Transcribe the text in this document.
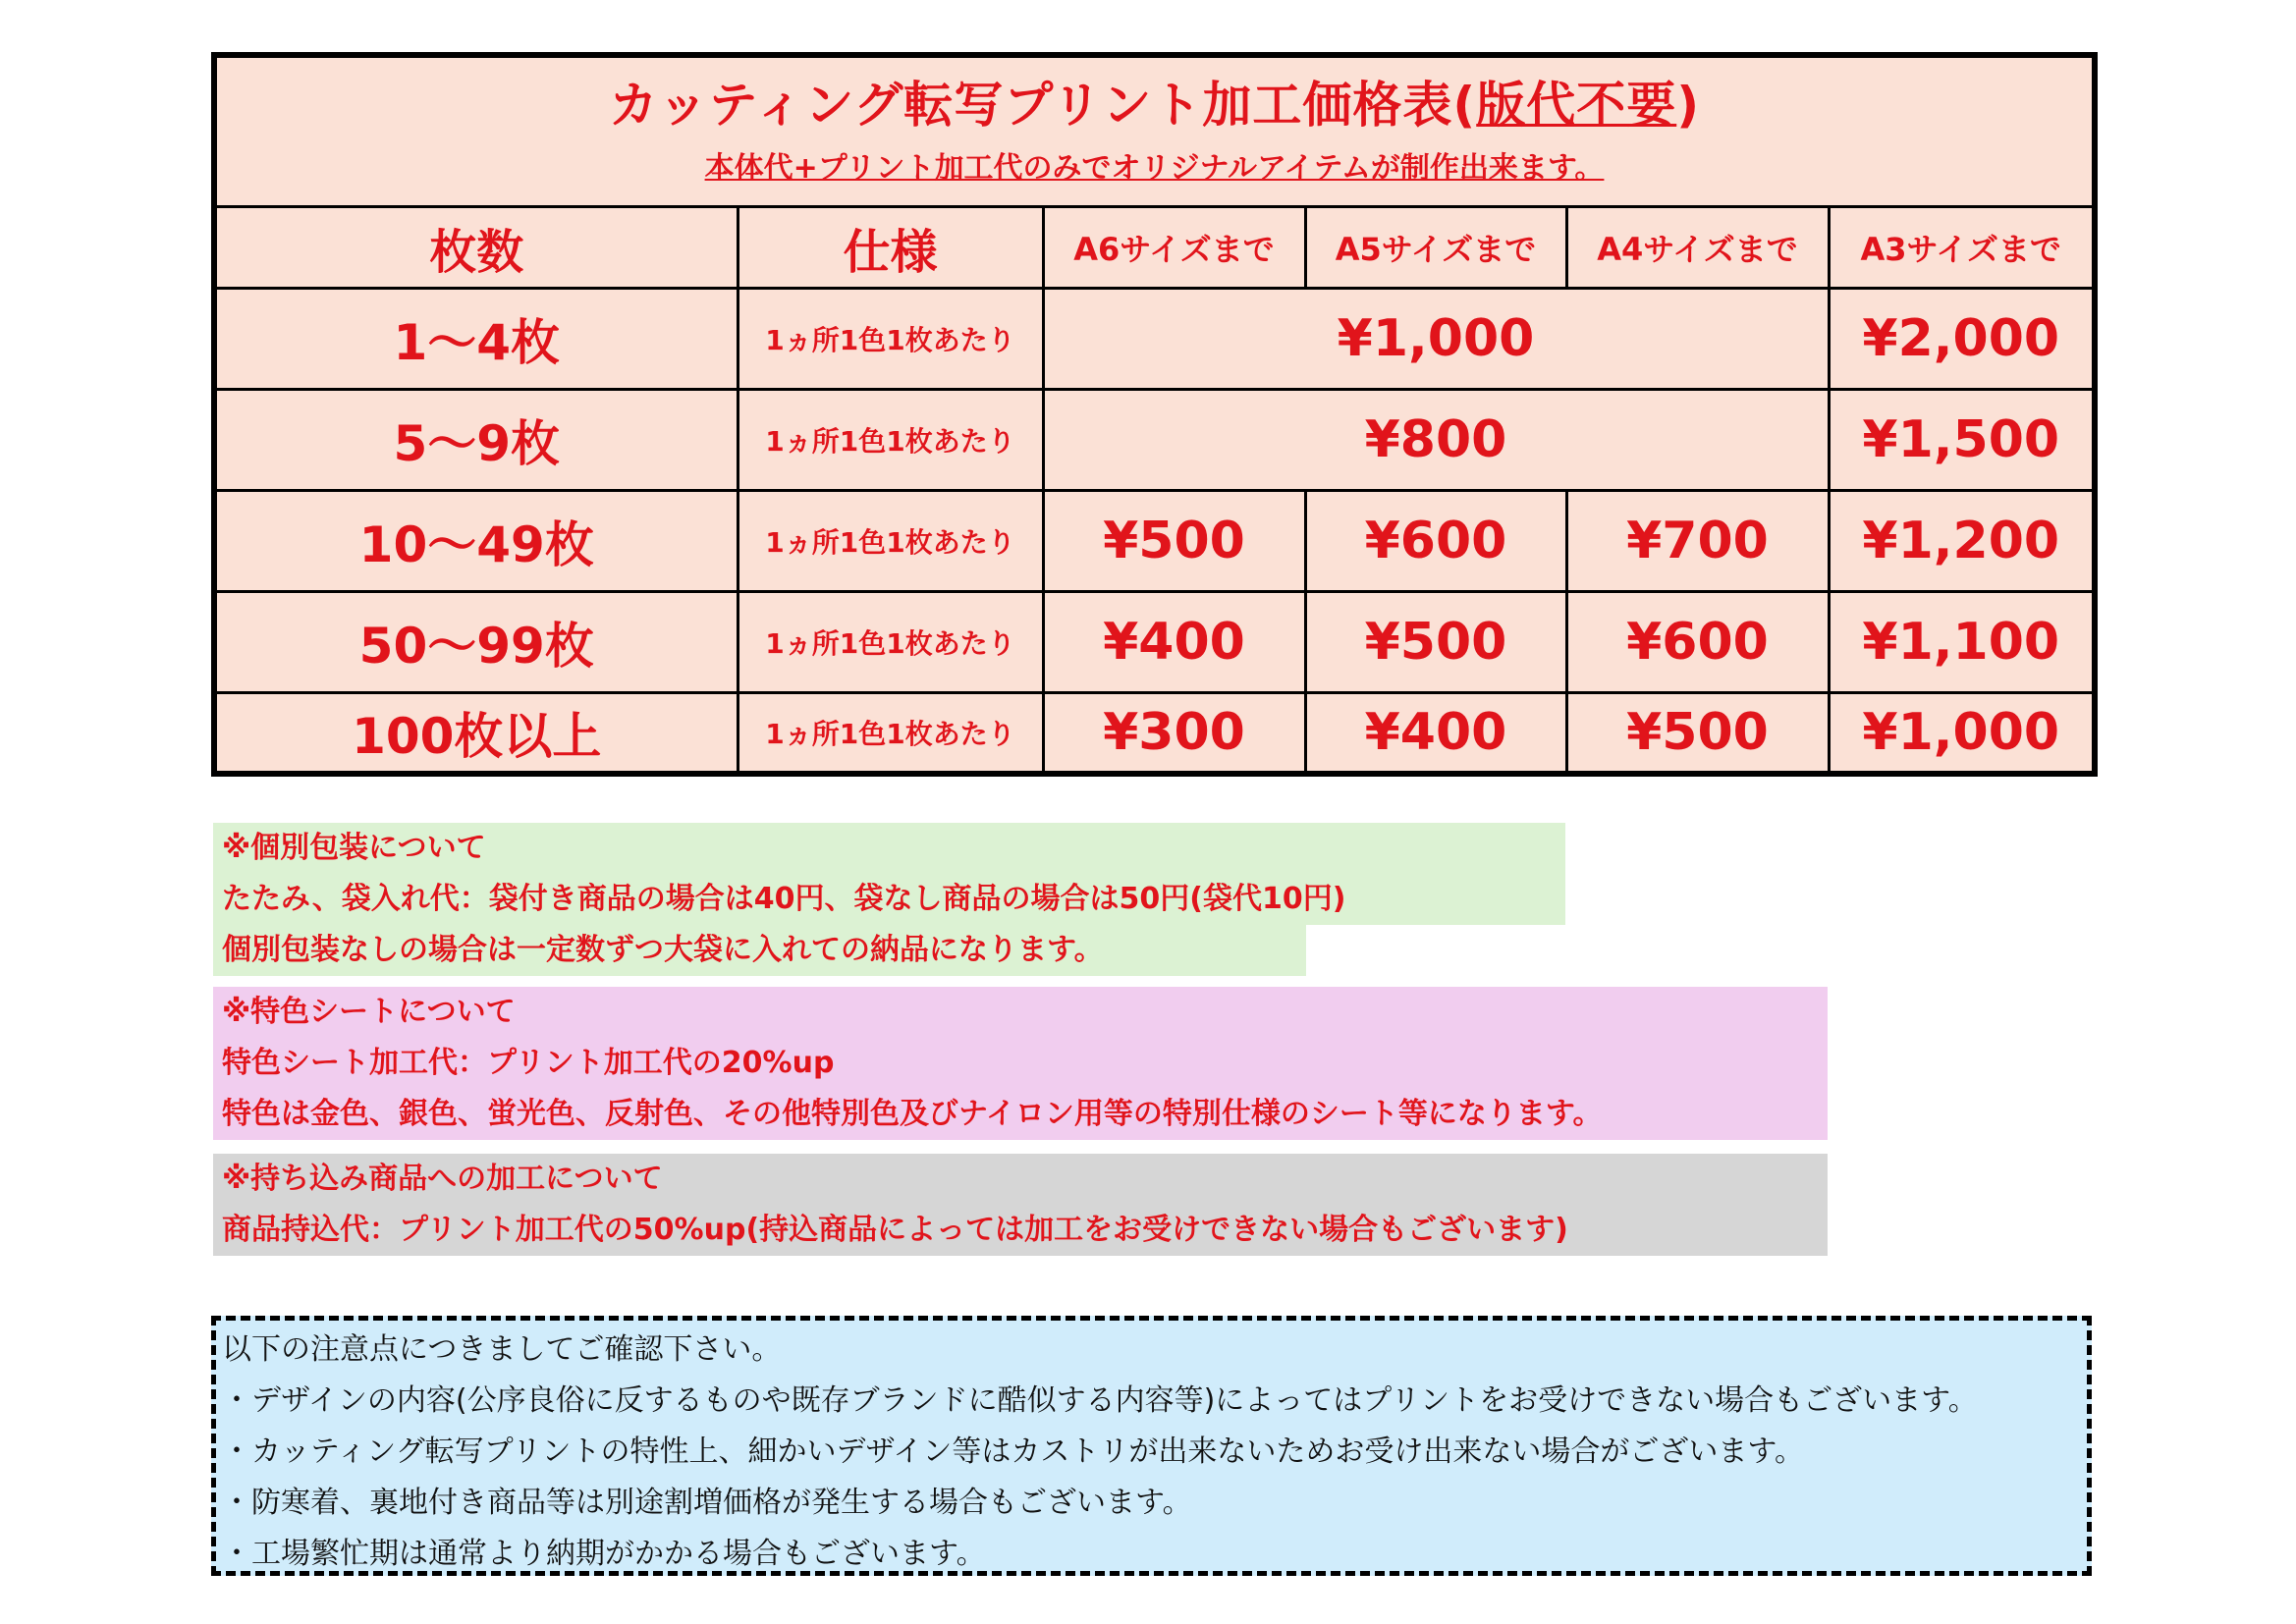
カッティング転写プリント加工価格表(版代不要)
本体代+プリント加工代のみでオリジナルアイテムが制作出来ます。					

枚数	仕様	A6サイズまで	A5サイズまで	A4サイズまで	A3サイズまで
1～4枚	1ヵ所1色1枚あたり	¥1,000			¥2,000
5～9枚	1ヵ所1色1枚あたり	¥800			¥1,500
10～49枚	1ヵ所1色1枚あたり	¥500	¥600	¥700	¥1,200
50～99枚	1ヵ所1色1枚あたり	¥400	¥500	¥600	¥1,100
100枚以上	1ヵ所1色1枚あたり	¥300	¥400	¥500	¥1,000
※個別包装について
たたみ、袋入れ代：袋付き商品の場合は40円、袋なし商品の場合は50円(袋代10円)
個別包装なしの場合は一定数ずつ大袋に入れての納品になります。
※特色シートについて
特色シート加工代：プリント加工代の20%up
特色は金色、銀色、蛍光色、反射色、その他特別色及びナイロン用等の特別仕様のシート等になります。
※持ち込み商品への加工について
商品持込代：プリント加工代の50%up(持込商品によっては加工をお受けできない場合もございます)
以下の注意点につきましてご確認下さい。
・デザインの内容(公序良俗に反するものや既存ブランドに酷似する内容等)によってはプリントをお受けできない場合もございます。
・カッティング転写プリントの特性上、細かいデザイン等はカストリが出来ないためお受け出来ない場合がございます。
・防寒着、裏地付き商品等は別途割増価格が発生する場合もございます。
・工場繁忙期は通常より納期がかかる場合もございます。
